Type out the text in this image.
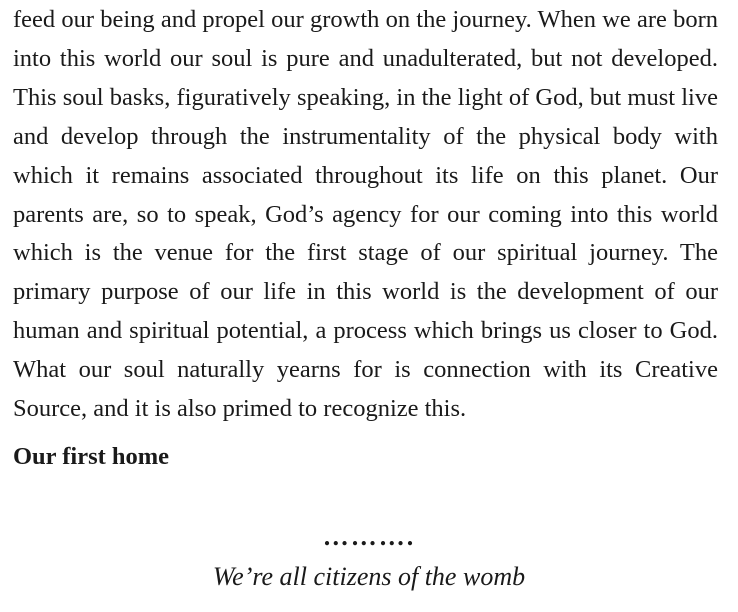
feed our being and propel our growth on the journey. When we are born into this world our soul is pure and unadulterated, but not developed. This soul basks, figuratively speaking, in the light of God, but must live and develop through the instrumentality of the physical body with which it remains associated throughout its life on this planet. Our parents are, so to speak, God’s agency for our coming into this world which is the venue for the first stage of our spiritual journey. The primary purpose of our life in this world is the development of our human and spiritual potential, a process which brings us closer to God. What our soul naturally yearns for is connection with its Creative Source, and it is also primed to recognize this.

Our first home
……….
We’re all citizens of the womb
